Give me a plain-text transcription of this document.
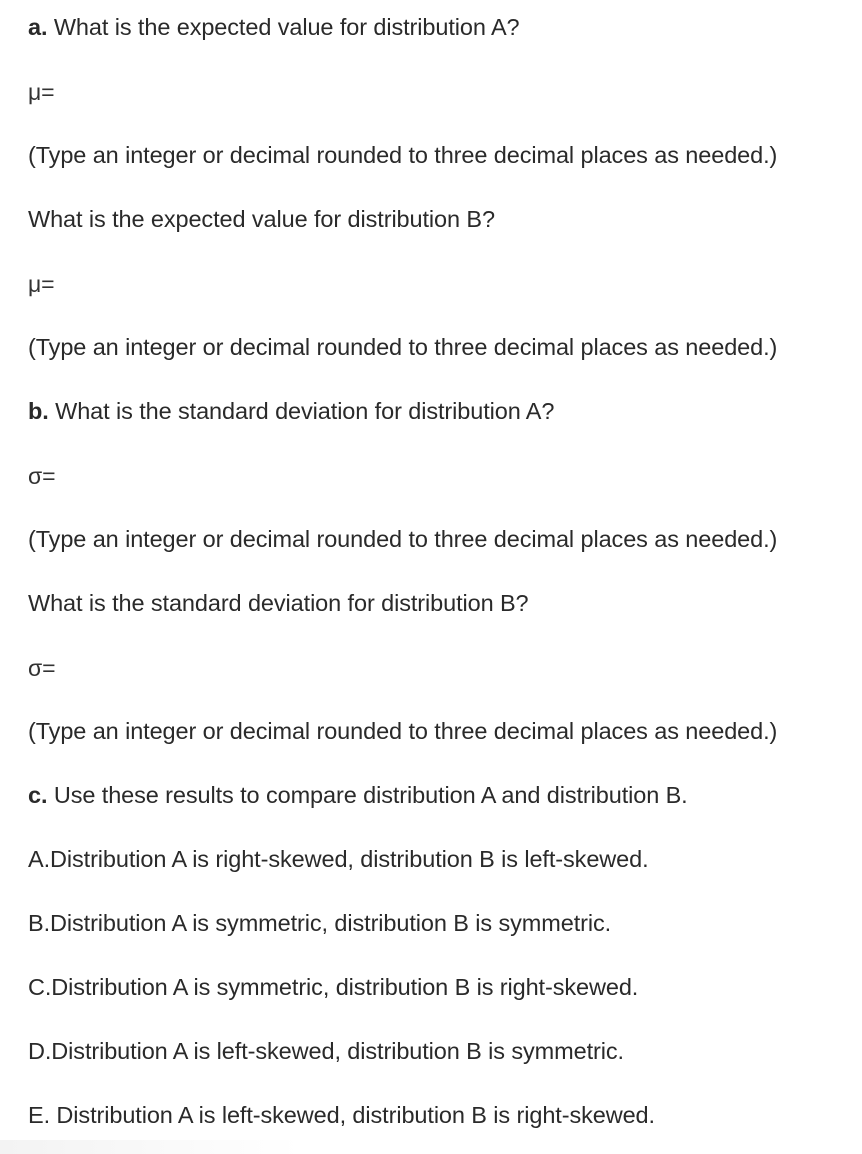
a. What is the expected value for distribution A?
μ=
(Type an integer or decimal rounded to three decimal places as needed.)
What is the expected value for distribution B?
μ=
(Type an integer or decimal rounded to three decimal places as needed.)
b. What is the standard deviation for distribution A?
σ=
(Type an integer or decimal rounded to three decimal places as needed.)
What is the standard deviation for distribution B?
σ=
(Type an integer or decimal rounded to three decimal places as needed.)
c. Use these results to compare distribution A and distribution B.
A.Distribution A is right-skewed, distribution B is left-skewed.
B.Distribution A is symmetric, distribution B is symmetric.
C.Distribution A is symmetric, distribution B is right-skewed.
D.Distribution A is left-skewed, distribution B is symmetric.
E. Distribution A is left-skewed, distribution B is right-skewed.
